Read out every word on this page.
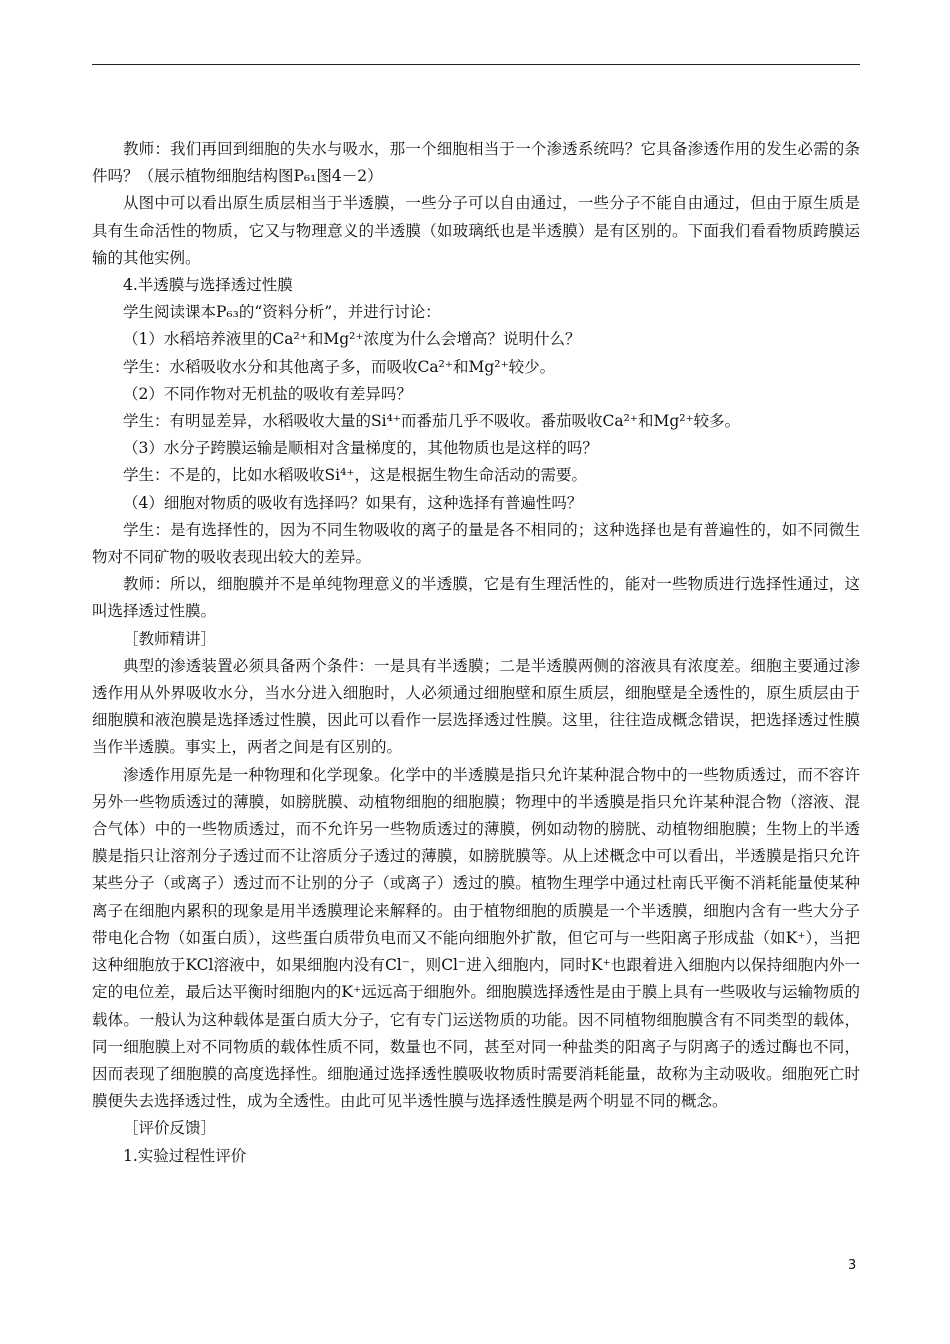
教师：我们再回到细胞的失水与吸水，那一个细胞相当于一个渗透系统吗？它具备渗透作用的发生必需的条件吗？（展示植物细胞结构图P₆₁图4－2）

从图中可以看出原生质层相当于半透膜，一些分子可以自由通过，一些分子不能自由通过，但由于原生质是具有生命活性的物质，它又与物理意义的半透膜（如玻璃纸也是半透膜）是有区别的。下面我们看看物质跨膜运输的其他实例。

4.半透膜与选择透过性膜

学生阅读课本P₆₃的“资料分析”，并进行讨论：

（1）水稻培养液里的Ca²⁺和Mg²⁺浓度为什么会增高？说明什么？

学生：水稻吸收水分和其他离子多，而吸收Ca²⁺和Mg²⁺较少。

（2）不同作物对无机盐的吸收有差异吗？

学生：有明显差异，水稻吸收大量的Si⁴⁺而番茄几乎不吸收。番茄吸收Ca²⁺和Mg²⁺较多。

（3）水分子跨膜运输是顺相对含量梯度的，其他物质也是这样的吗？

学生：不是的，比如水稻吸收Si⁴⁺，这是根据生物生命活动的需要。

（4）细胞对物质的吸收有选择吗？如果有，这种选择有普遍性吗？

学生：是有选择性的，因为不同生物吸收的离子的量是各不相同的；这种选择也是有普遍性的，如不同微生物对不同矿物的吸收表现出较大的差异。

教师：所以，细胞膜并不是单纯物理意义的半透膜，它是有生理活性的，能对一些物质进行选择性通过，这叫选择透过性膜。

［教师精讲］

典型的渗透装置必须具备两个条件：一是具有半透膜；二是半透膜两侧的溶液具有浓度差。细胞主要通过渗透作用从外界吸收水分，当水分进入细胞时，人必须通过细胞壁和原生质层，细胞壁是全透性的，原生质层由于细胞膜和液泡膜是选择透过性膜，因此可以看作一层选择透过性膜。这里，往往造成概念错误，把选择透过性膜当作半透膜。事实上，两者之间是有区别的。

渗透作用原先是一种物理和化学现象。化学中的半透膜是指只允许某种混合物中的一些物质透过，而不容许另外一些物质透过的薄膜，如膀胱膜、动植物细胞的细胞膜；物理中的半透膜是指只允许某种混合物（溶液、混合气体）中的一些物质透过，而不允许另一些物质透过的薄膜，例如动物的膀胱、动植物细胞膜；生物上的半透膜是指只让溶剂分子透过而不让溶质分子透过的薄膜，如膀胱膜等。从上述概念中可以看出，半透膜是指只允许某些分子（或离子）透过而不让别的分子（或离子）透过的膜。植物生理学中通过杜南氏平衡不消耗能量使某种离子在细胞内累积的现象是用半透膜理论来解释的。由于植物细胞的质膜是一个半透膜，细胞内含有一些大分子带电化合物（如蛋白质），这些蛋白质带负电而又不能向细胞外扩散，但它可与一些阳离子形成盐（如K⁺），当把这种细胞放于KCl溶液中，如果细胞内没有Cl⁻，则Cl⁻进入细胞内，同时K⁺也跟着进入细胞内以保持细胞内外一定的电位差，最后达平衡时细胞内的K⁺远远高于细胞外。细胞膜选择透性是由于膜上具有一些吸收与运输物质的载体。一般认为这种载体是蛋白质大分子，它有专门运送物质的功能。因不同植物细胞膜含有不同类型的载体，同一细胞膜上对不同物质的载体性质不同，数量也不同，甚至对同一种盐类的阳离子与阴离子的透过酶也不同，因而表现了细胞膜的高度选择性。细胞通过选择透性膜吸收物质时需要消耗能量，故称为主动吸收。细胞死亡时膜便失去选择透过性，成为全透性。由此可见半透性膜与选择透性膜是两个明显不同的概念。

［评价反馈］

1.实验过程性评价

3
